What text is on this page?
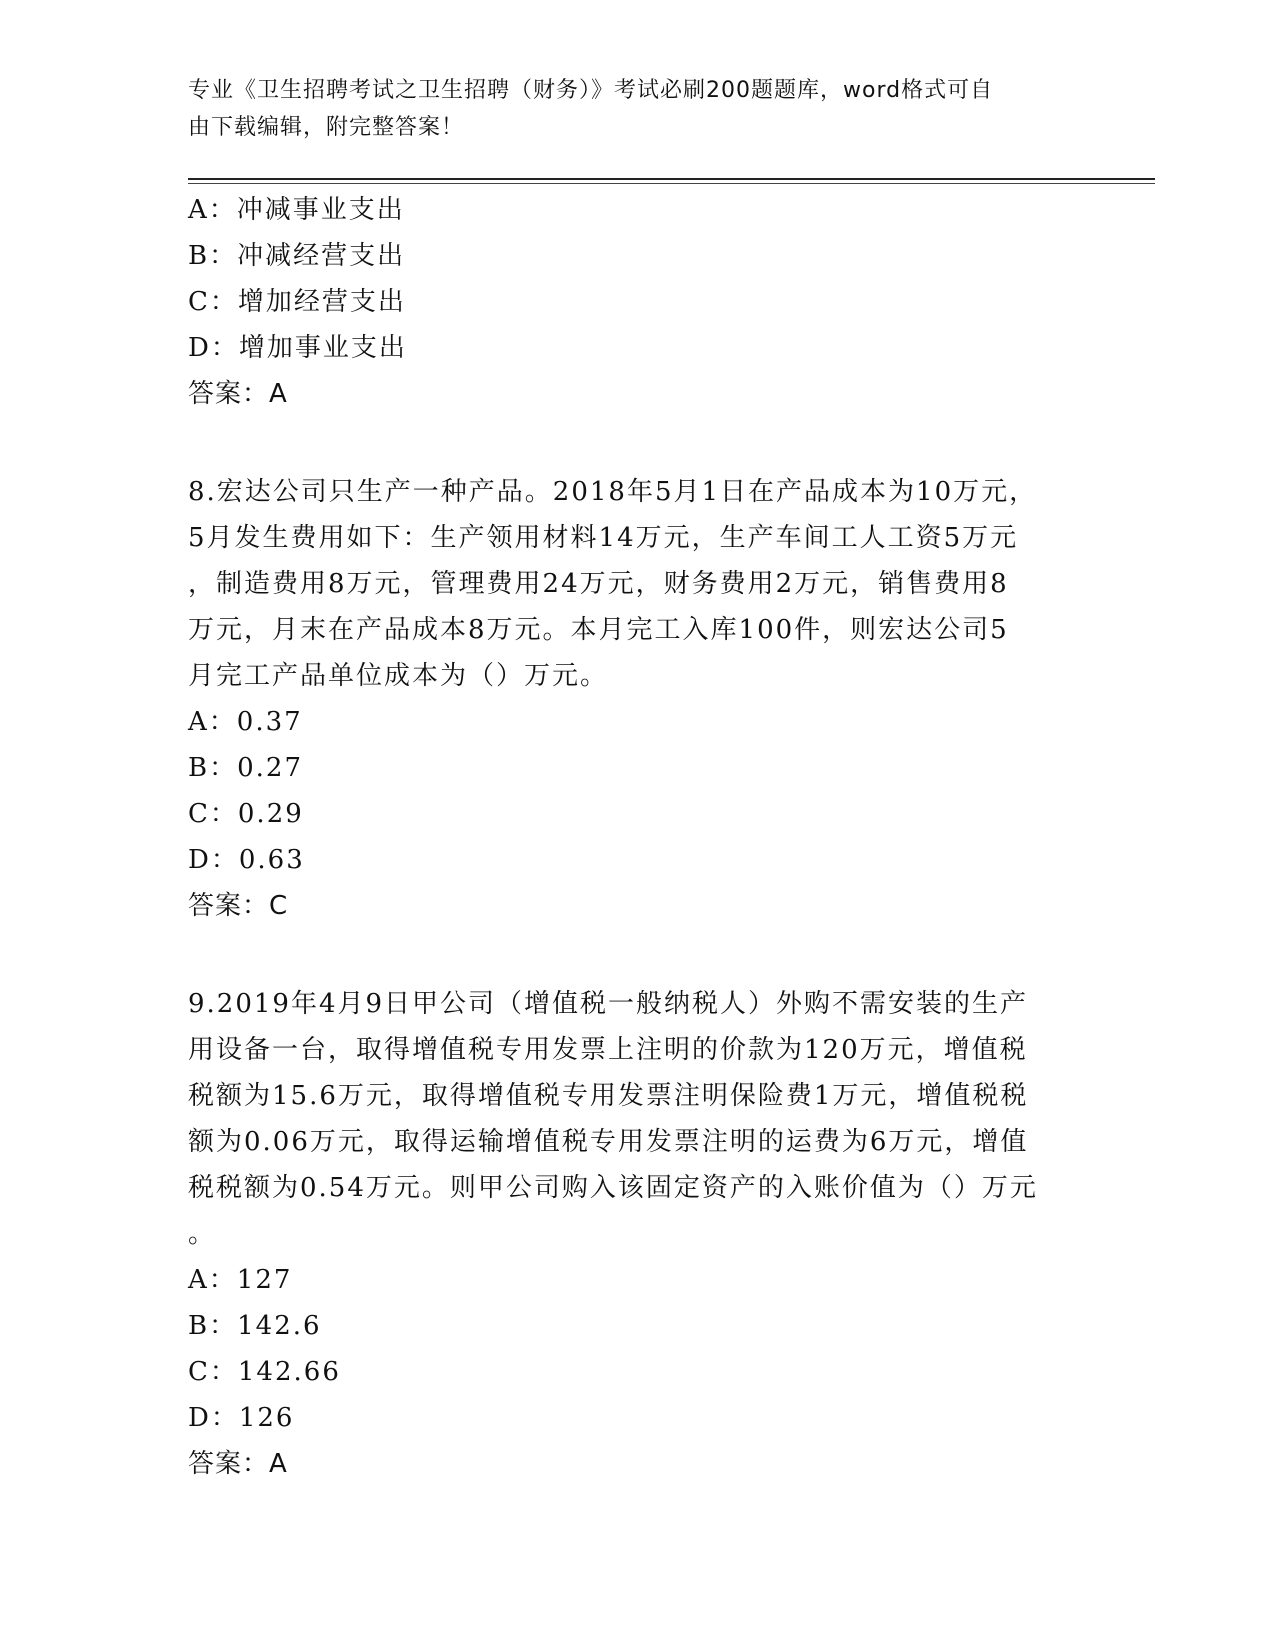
专业《卫生招聘考试之卫生招聘（财务）》考试必刷200题题库，word格式可自
由下载编辑，附完整答案！
A：冲减事业支出
B：冲减经营支出
C：增加经营支出
D：增加事业支出
答案：A
8.宏达公司只生产一种产品。2018年5月1日在产品成本为10万元，
5月发生费用如下：生产领用材料14万元，生产车间工人工资5万元
，制造费用8万元，管理费用24万元，财务费用2万元，销售费用8
万元，月末在产品成本8万元。本月完工入库100件，则宏达公司5
月完工产品单位成本为（）万元。
A：0.37
B：0.27
C：0.29
D：0.63
答案：C
9.2019年4月9日甲公司（增值税一般纳税人）外购不需安装的生产
用设备一台，取得增值税专用发票上注明的价款为120万元，增值税
税额为15.6万元，取得增值税专用发票注明保险费1万元，增值税税
额为0.06万元，取得运输增值税专用发票注明的运费为6万元，增值
税税额为0.54万元。则甲公司购入该固定资产的入账价值为（）万元
。
A：127
B：142.6
C：142.66
D：126
答案：A
